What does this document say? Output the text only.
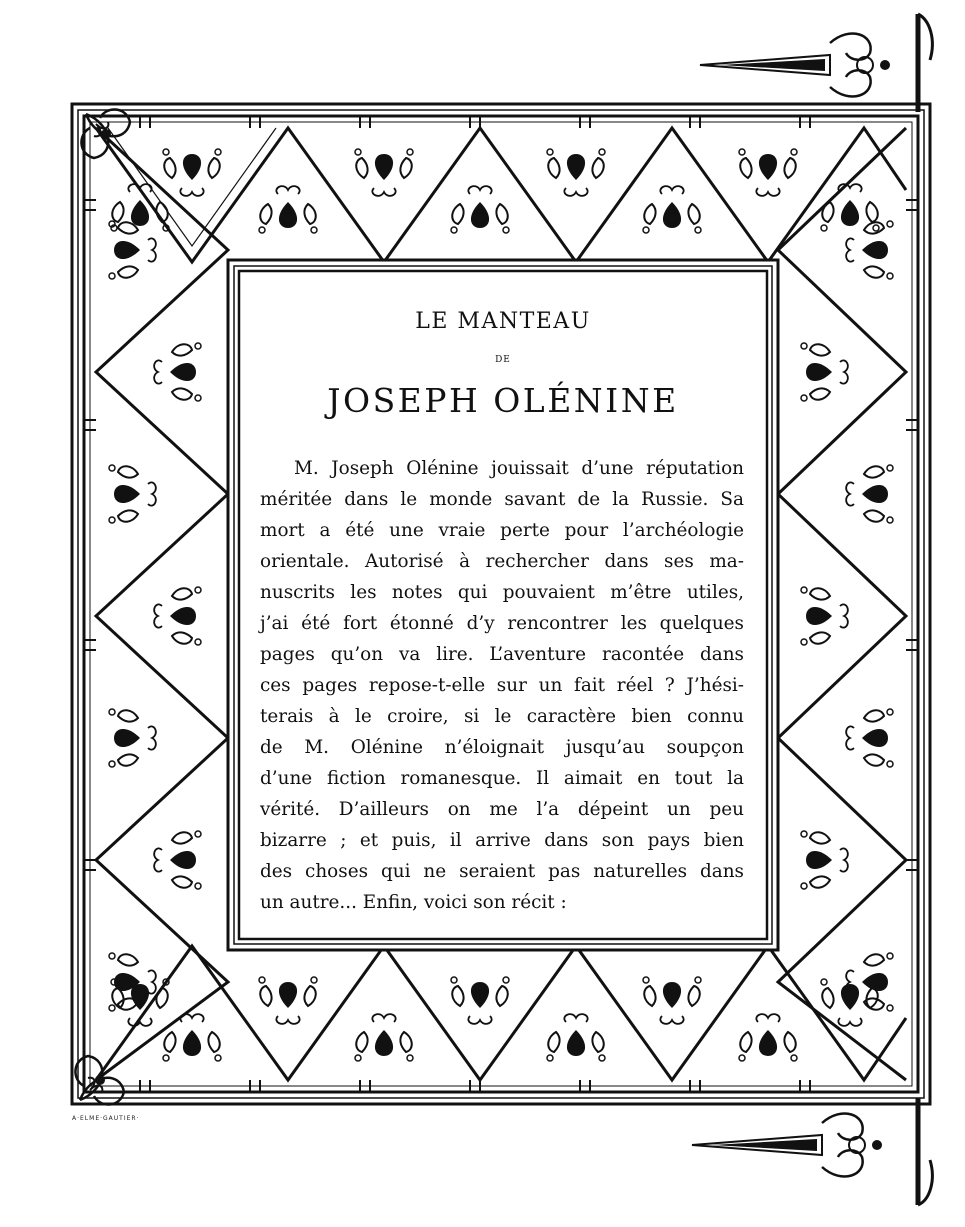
LE MANTEAU
DE
JOSEPH OLÉNINE
M. Joseph Olénine jouissait d’une réputation
méritée dans le monde savant de la Russie. Sa
mort a été une vraie perte pour l’archéologie
orientale. Autorisé à rechercher dans ses ma-
nuscrits les notes qui pouvaient m’être utiles,
j’ai été fort étonné d’y rencontrer les quelques
pages qu’on va lire. L’aventure racontée dans
ces pages repose-t-elle sur un fait réel ? J’hési-
terais à le croire, si le caractère bien connu
de M. Olénine n’éloignait jusqu’au soupçon
d’une fiction romanesque. Il aimait en tout la
vérité. D’ailleurs on me l’a dépeint un peu
bizarre ; et puis, il arrive dans son pays bien
des choses qui ne seraient pas naturelles dans
un autre... Enfin, voici son récit :
A·ELME·GAUTIER·
